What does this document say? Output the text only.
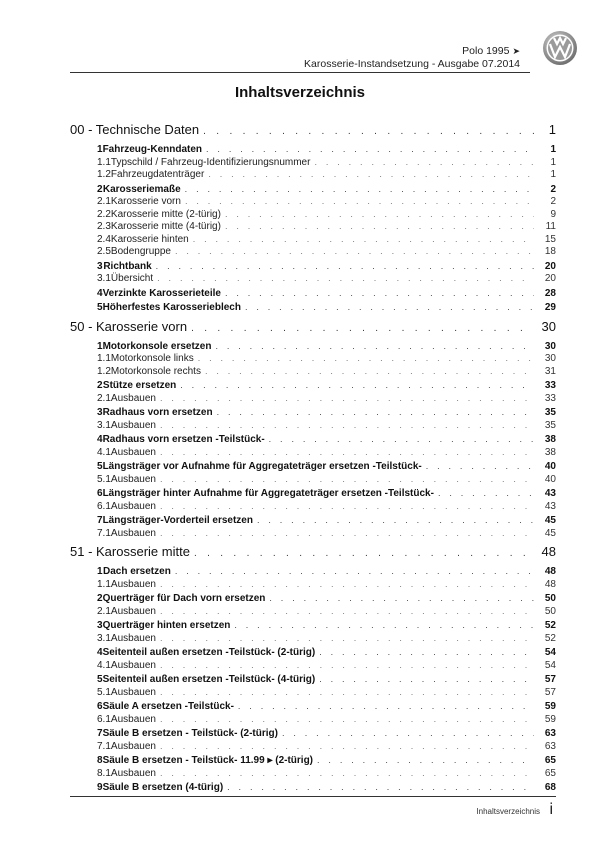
Polo 1995 ➤
Karosserie-Instandsetzung - Ausgabe 07.2014
Inhaltsverzeichnis
00 - Technische Daten . . .	1
1 Fahrzeug-Kenndaten . . .	1
1.1 Typschild / Fahrzeug-Identifizierungsnummer . . .	1
1.2 Fahrzeugdatenträger . . .	1
2 Karosseriemaße . . .	2
2.1 Karosserie vorn . . .	2
2.2 Karosserie mitte (2-türig) . . .	9
2.3 Karosserie mitte (4-türig) . . .	11
2.4 Karosserie hinten . . .	15
2.5 Bodengruppe . . .	18
3 Richtbank . . .	20
3.1 Übersicht . . .	20
4 Verzinkte Karosserieteile . . .	28
5 Höherfestes Karosserieblech . . .	29
50 - Karosserie vorn . . .	30
1 Motorkonsole ersetzen . . .	30
1.1 Motorkonsole links . . .	30
1.2 Motorkonsole rechts . . .	31
2 Stütze ersetzen . . .	33
2.1 Ausbauen . . .	33
3 Radhaus vorn ersetzen . . .	35
3.1 Ausbauen . . .	35
4 Radhaus vorn ersetzen -Teilstück- . . .	38
4.1 Ausbauen . . .	38
5 Längsträger vor Aufnahme für Aggregateträger ersetzen -Teilstück- . . .	40
5.1 Ausbauen . . .	40
6 Längsträger hinter Aufnahme für Aggregateträger ersetzen -Teilstück- . . .	43
6.1 Ausbauen . . .	43
7 Längsträger-Vorderteil ersetzen . . .	45
7.1 Ausbauen . . .	45
51 - Karosserie mitte . . .	48
1 Dach ersetzen . . .	48
1.1 Ausbauen . . .	48
2 Querträger für Dach vorn ersetzen . . .	50
2.1 Ausbauen . . .	50
3 Querträger hinten ersetzen . . .	52
3.1 Ausbauen . . .	52
4 Seitenteil außen ersetzen -Teilstück- (2-türig) . . .	54
4.1 Ausbauen . . .	54
5 Seitenteil außen ersetzen -Teilstück- (4-türig) . . .	57
5.1 Ausbauen . . .	57
6 Säule A ersetzen -Teilstück- . . .	59
6.1 Ausbauen . . .	59
7 Säule B ersetzen - Teilstück- (2-türig) . . .	63
7.1 Ausbauen . . .	63
8 Säule B ersetzen - Teilstück- 11.99 ▸ (2-türig) . . .	65
8.1 Ausbauen . . .	65
9 Säule B ersetzen (4-türig) . . .	68
Inhaltsverzeichnis i
